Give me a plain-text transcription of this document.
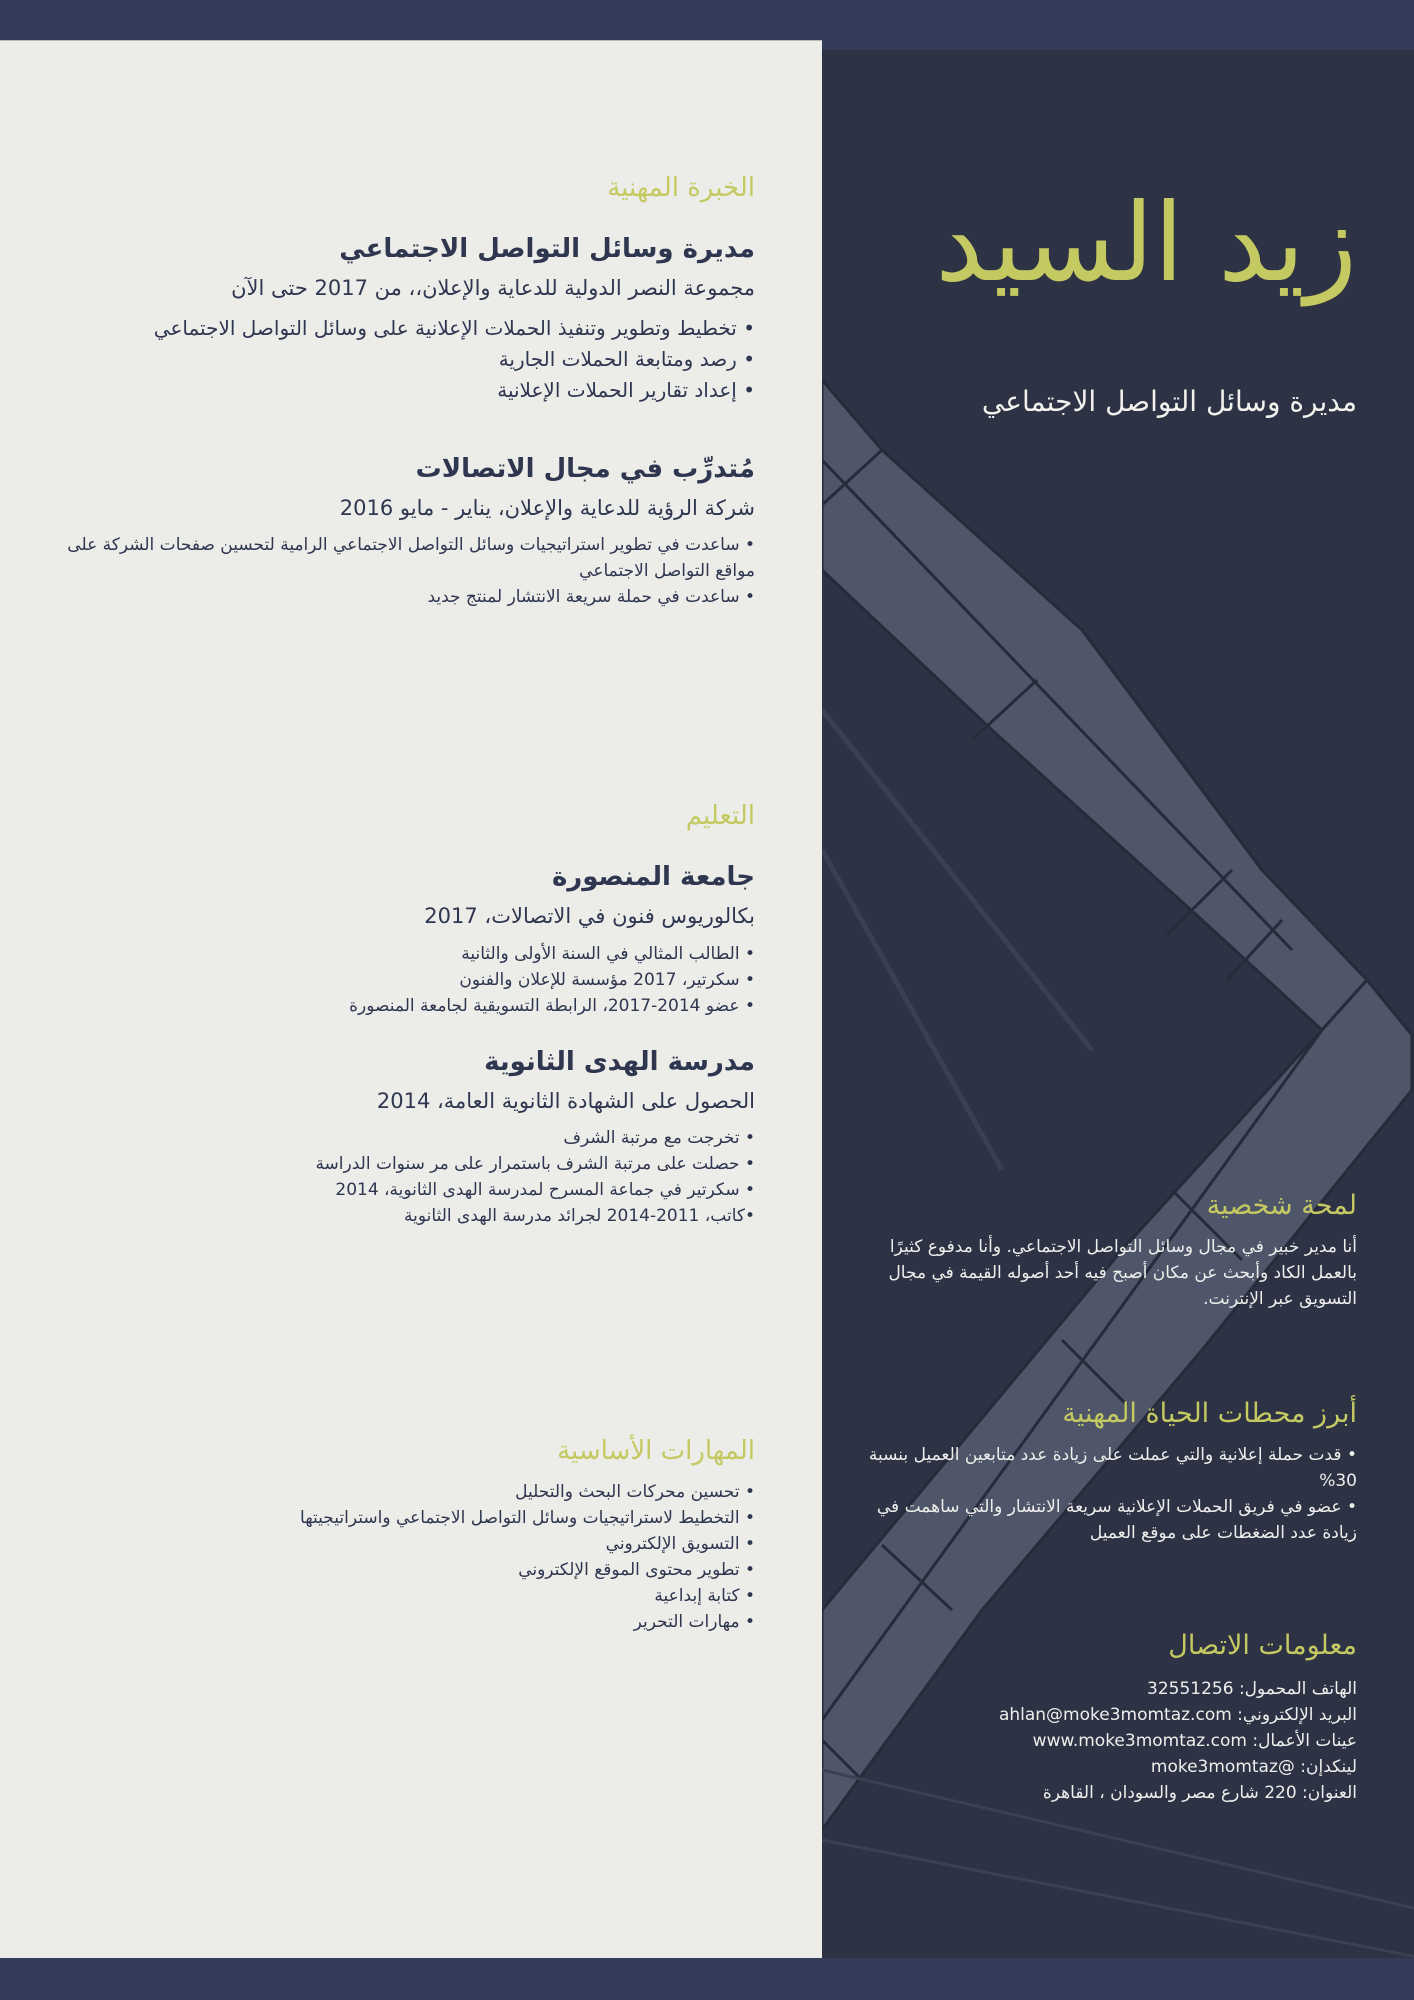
زيد السيد

مديرة وسائل التواصل الاجتماعي

لمحة شخصية

أنا مدير خبير في مجال وسائل التواصل الاجتماعي. وأنا مدفوع كثيرًا بالعمل الكاد وأبحث عن مكان أصبح فيه أحد أصوله القيمة في مجال التسويق عبر الإنترنت.

أبرز محطات الحياة المهنية

• قدت حملة إعلانية والتي عملت على زيادة عدد متابعين العميل بنسبة 30%

• عضو في فريق الحملات الإعلانية سريعة الانتشار والتي ساهمت في زيادة عدد الضغطات على موقع العميل

معلومات الاتصال

الهاتف المحمول: 32551256

البريد الإلكتروني: ahlan@moke3momtaz.com

عينات الأعمال: www.moke3momtaz.com

لينكدإن: @moke3momtaz

العنوان: 220 شارع مصر والسودان ، القاهرة

الخبرة المهنية
مديرة وسائل التواصل الاجتماعي

مجموعة النصر الدولية للدعاية والإعلان،، من 2017 حتى الآن

• تخطيط وتطوير وتنفيذ الحملات الإعلانية على وسائل التواصل الاجتماعي
• رصد ومتابعة الحملات الجارية
• إعداد تقارير الحملات الإعلانية
مُتدرِّب في مجال الاتصالات

شركة الرؤية للدعاية والإعلان، يناير - مايو 2016

• ساعدت في تطوير استراتيجيات وسائل التواصل الاجتماعي الرامية لتحسين صفحات الشركة على مواقع التواصل الاجتماعي
• ساعدت في حملة سريعة الانتشار لمنتج جديد
التعليم
جامعة المنصورة

بكالوريوس فنون في الاتصالات، 2017

• الطالب المثالي في السنة الأولى والثانية
• سكرتير، 2017 مؤسسة للإعلان والفنون
• عضو 2014-2017، الرابطة التسويقية لجامعة المنصورة
مدرسة الهدى الثانوية

الحصول على الشهادة الثانوية العامة، 2014

• تخرجت مع مرتبة الشرف
• حصلت على مرتبة الشرف باستمرار على مر سنوات الدراسة
• سكرتير في جماعة المسرح لمدرسة الهدى الثانوية، 2014
•كاتب، 2011-2014 لجرائد مدرسة الهدى الثانوية
المهارات الأساسية
• تحسين محركات البحث والتحليل
• التخطيط لاستراتيجيات وسائل التواصل الاجتماعي واستراتيجيتها
• التسويق الإلكتروني
• تطوير محتوى الموقع الإلكتروني
• كتابة إبداعية
• مهارات التحرير
